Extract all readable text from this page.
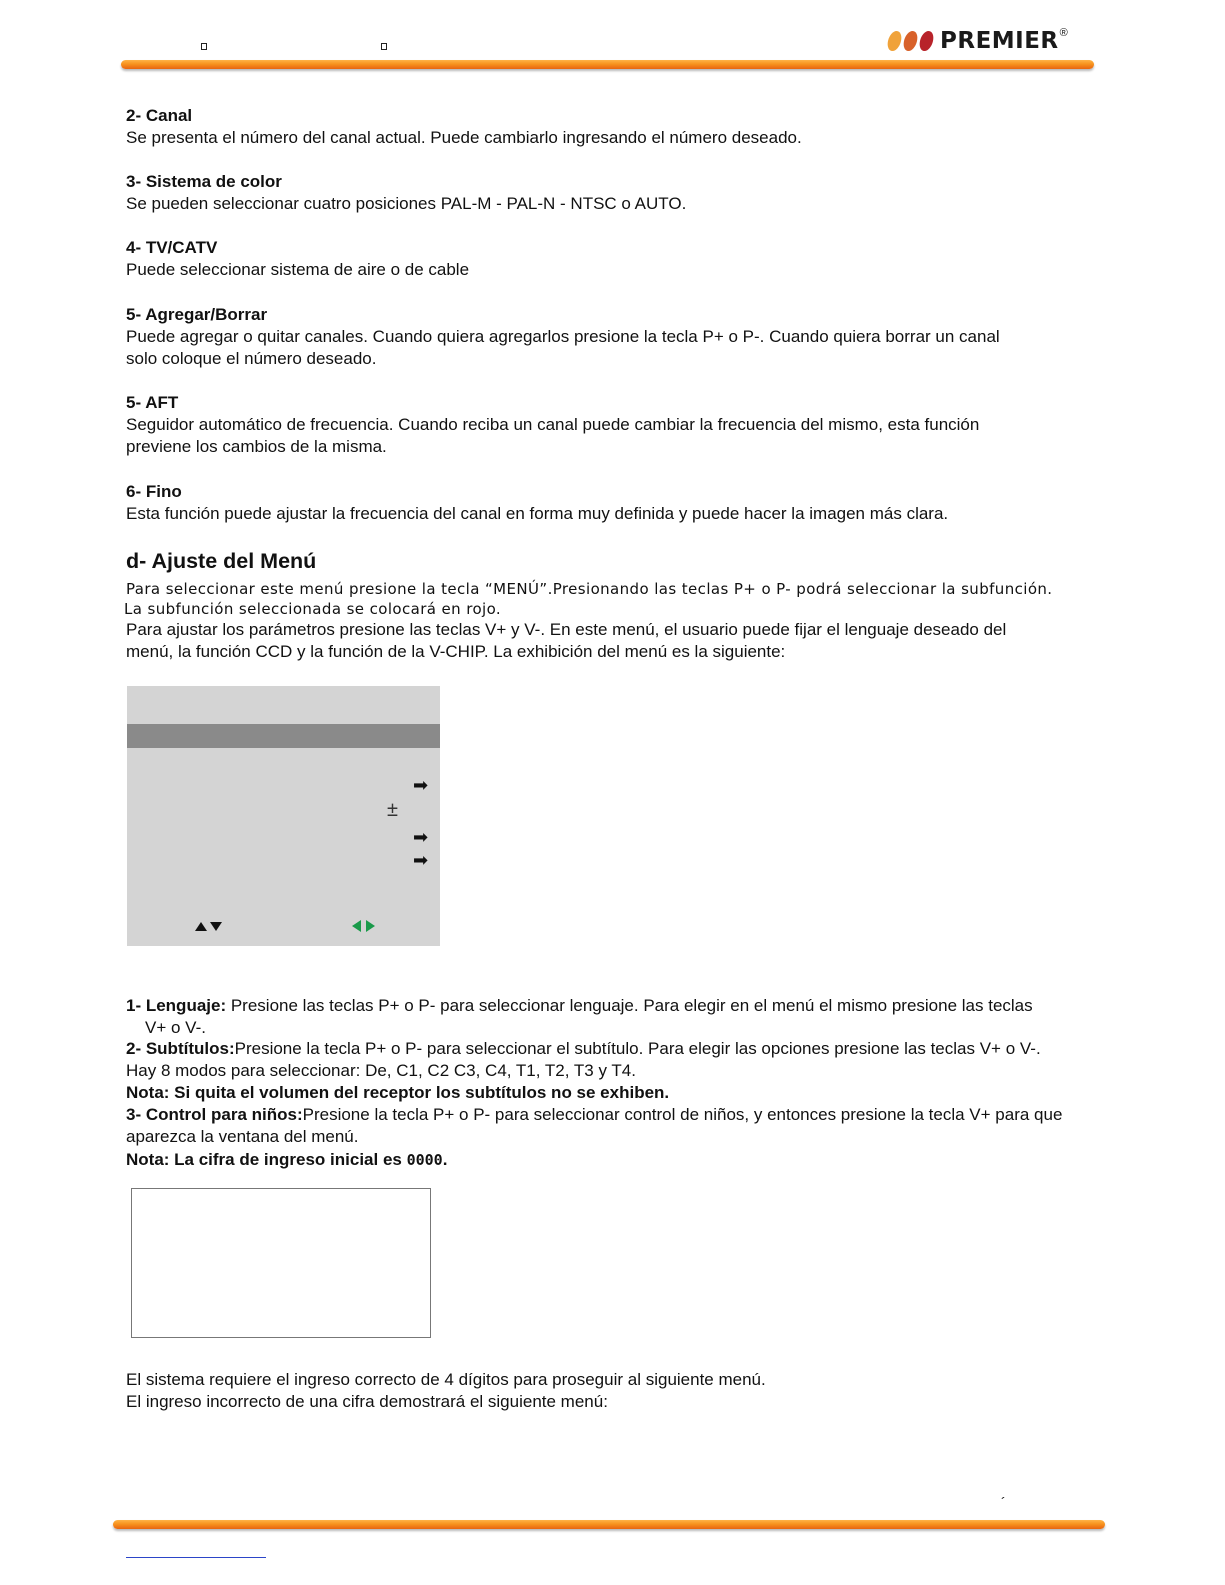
PREMIER ®
2- Canal
Se presenta el número del canal actual. Puede cambiarlo ingresando el número deseado.
3- Sistema de color
Se pueden seleccionar cuatro posiciones PAL-M - PAL-N - NTSC o AUTO.
4- TV/CATV
Puede seleccionar sistema de aire o de cable
5- Agregar/Borrar
Puede agregar o quitar canales. Cuando quiera agregarlos presione la tecla P+ o P-. Cuando quiera borrar un canal
solo coloque el número deseado.
5- AFT
Seguidor automático de frecuencia. Cuando reciba un canal puede cambiar la frecuencia del mismo, esta función
previene los cambios de la misma.
6- Fino
Esta función puede ajustar la frecuencia del canal en forma muy definida y puede hacer la imagen más clara.
d- Ajuste del Menú
Para seleccionar este menú presione la tecla “MENÚ”.Presionando las teclas P+ o P- podrá seleccionar la subfunción.
La subfunción seleccionada se colocará en rojo.
Para ajustar los parámetros presione las teclas V+ y V-. En este menú, el usuario puede fijar el lenguaje deseado del
menú, la función CCD y la función de la V-CHIP. La exhibición del menú es la siguiente:
➡
±
➡
➡
1- Lenguaje: Presione las teclas P+ o P- para seleccionar lenguaje. Para elegir en el menú el mismo presione las teclas
V+ o V-.
2- Subtítulos:Presione la tecla P+ o P- para seleccionar el subtítulo. Para elegir las opciones presione las teclas V+ o V-.
Hay 8 modos para seleccionar: De, C1, C2 C3, C4, T1, T2, T3 y T4.
Nota: Si quita el volumen del receptor los subtítulos no se exhiben.
3- Control para niños:Presione la tecla P+ o P- para seleccionar control de niños, y entonces presione la tecla V+ para que
aparezca la ventana del menú.
Nota: La cifra de ingreso inicial es 0000.
El sistema requiere el ingreso correcto de 4 dígitos para proseguir al siguiente menú.
El ingreso incorrecto de una cifra demostrará el siguiente menú:
´
